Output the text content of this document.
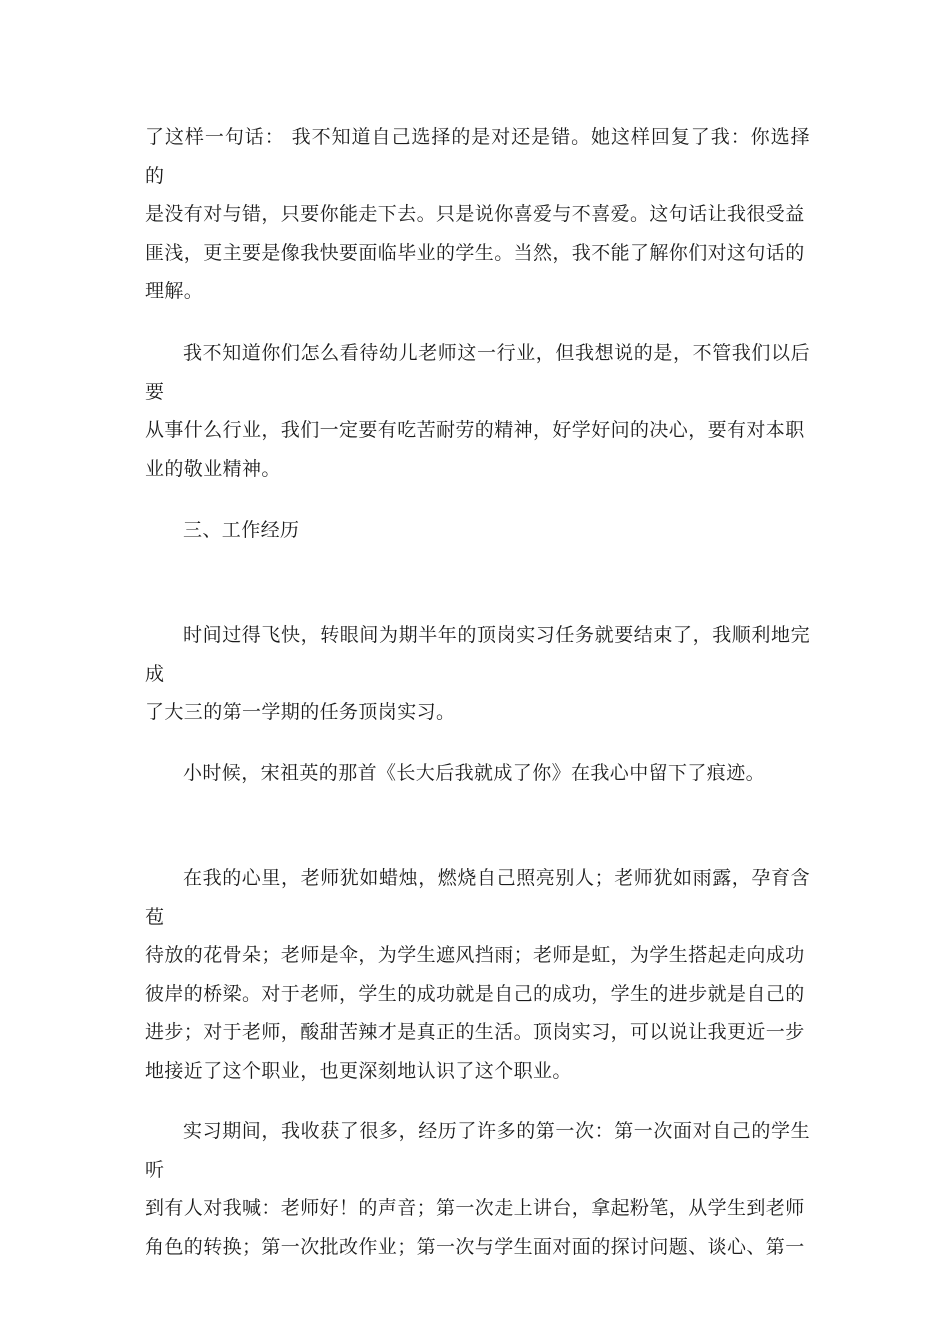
了这样一句话： 我不知道自己选择的是对还是错。她这样回复了我：你选择的
是没有对与错，只要你能走下去。只是说你喜爱与不喜爱。这句话让我很受益
匪浅，更主要是像我快要面临毕业的学生。当然，我不能了解你们对这句话的
理解。

我不知道你们怎么看待幼儿老师这一行业，但我想说的是，不管我们以后要
从事什么行业，我们一定要有吃苦耐劳的精神，好学好问的决心，要有对本职
业的敬业精神。

三、工作经历

时间过得飞快，转眼间为期半年的顶岗实习任务就要结束了，我顺利地完成
了大三的第一学期的任务顶岗实习。

小时候，宋祖英的那首《长大后我就成了你》在我心中留下了痕迹。

在我的心里，老师犹如蜡烛，燃烧自己照亮别人；老师犹如雨露，孕育含苞
待放的花骨朵；老师是伞，为学生遮风挡雨；老师是虹，为学生搭起走向成功
彼岸的桥梁。对于老师，学生的成功就是自己的成功，学生的进步就是自己的
进步；对于老师，酸甜苦辣才是真正的生活。顶岗实习，可以说让我更近一步
地接近了这个职业，也更深刻地认识了这个职业。

实习期间，我收获了很多，经历了许多的第一次：第一次面对自己的学生听
到有人对我喊：老师好！的声音；第一次走上讲台，拿起粉笔，从学生到老师
角色的转换；第一次批改作业；第一次与学生面对面的探讨问题、谈心、第一
